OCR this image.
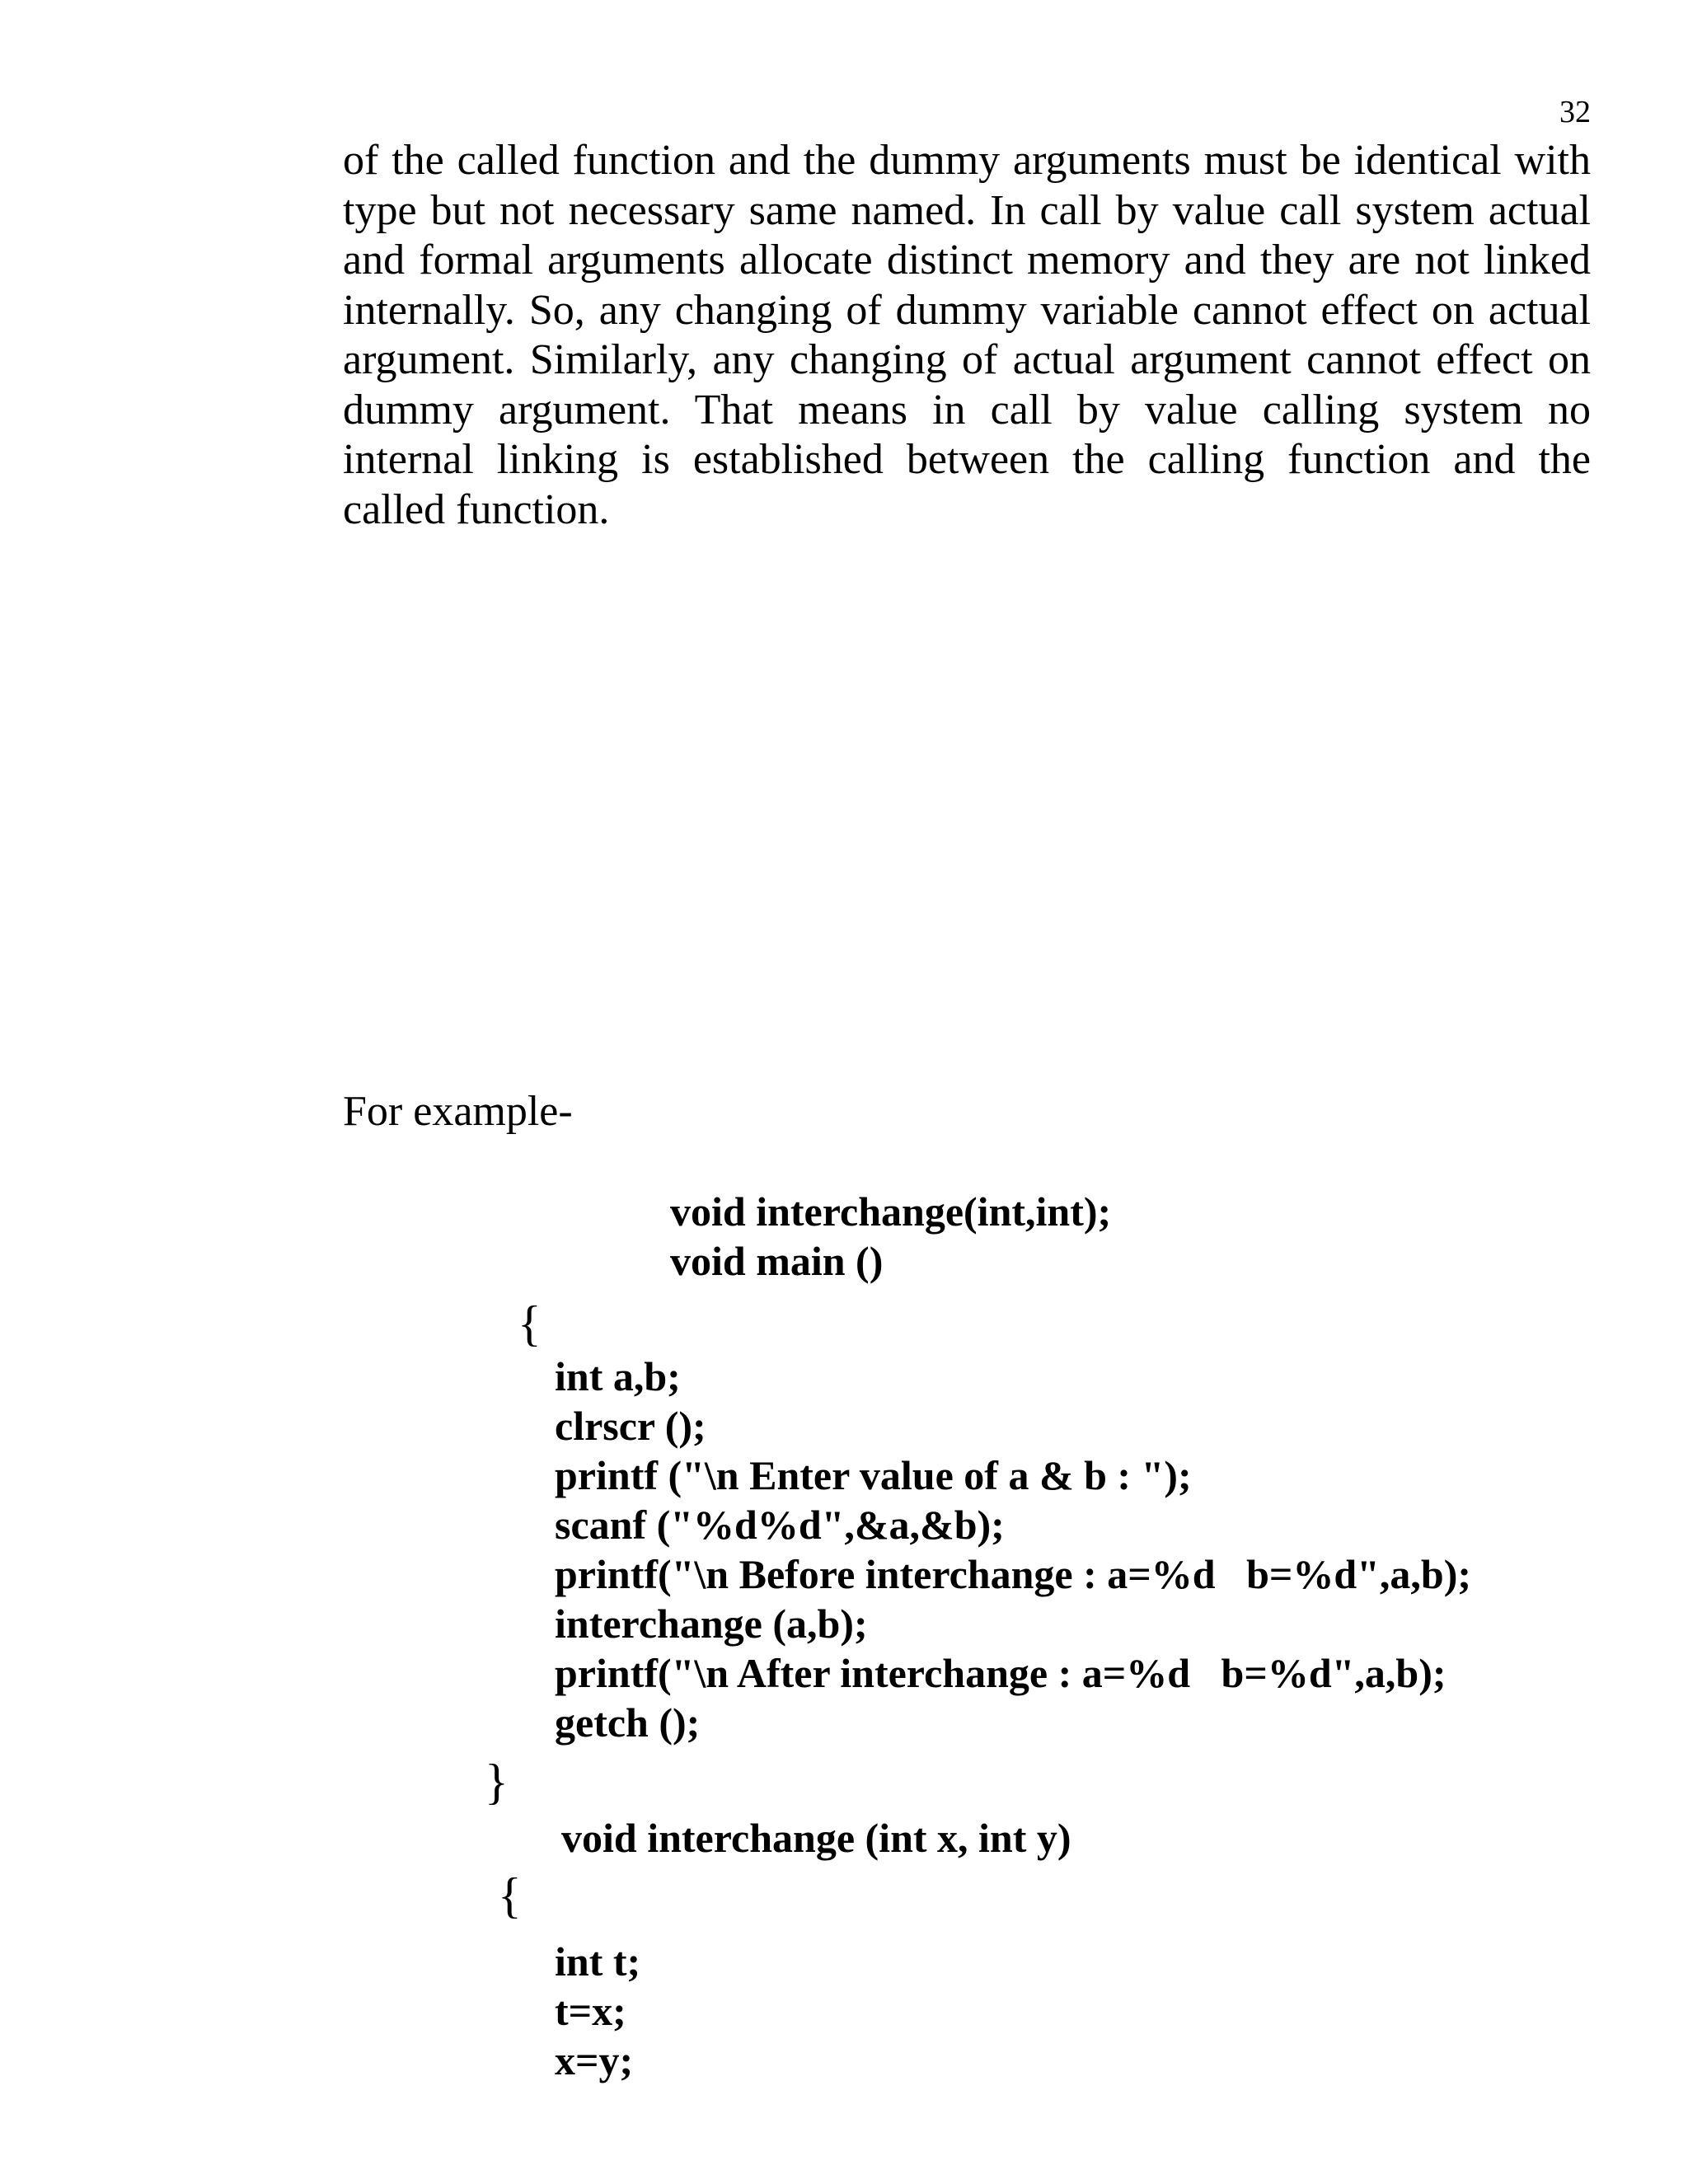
32
of the called function and the dummy arguments must be identical with
type but not necessary same named. In call by value call system actual
and formal arguments allocate distinct memory and they are not linked
internally. So, any changing of dummy variable cannot effect on actual
argument. Similarly, any changing of actual argument cannot effect on
dummy argument. That means in call by value calling system no
internal linking is established between the calling function and the
called function.
For example-
void interchange(int,int);
void main ()
{
int a,b;
clrscr ();
printf ("\n Enter value of a & b : ");
scanf ("%d%d",&a,&b);
printf("\n Before interchange : a=%d   b=%d",a,b);
interchange (a,b);
printf("\n After interchange : a=%d   b=%d",a,b);
getch ();
}
void interchange (int x, int y)
{
int t;
t=x;
x=y;
